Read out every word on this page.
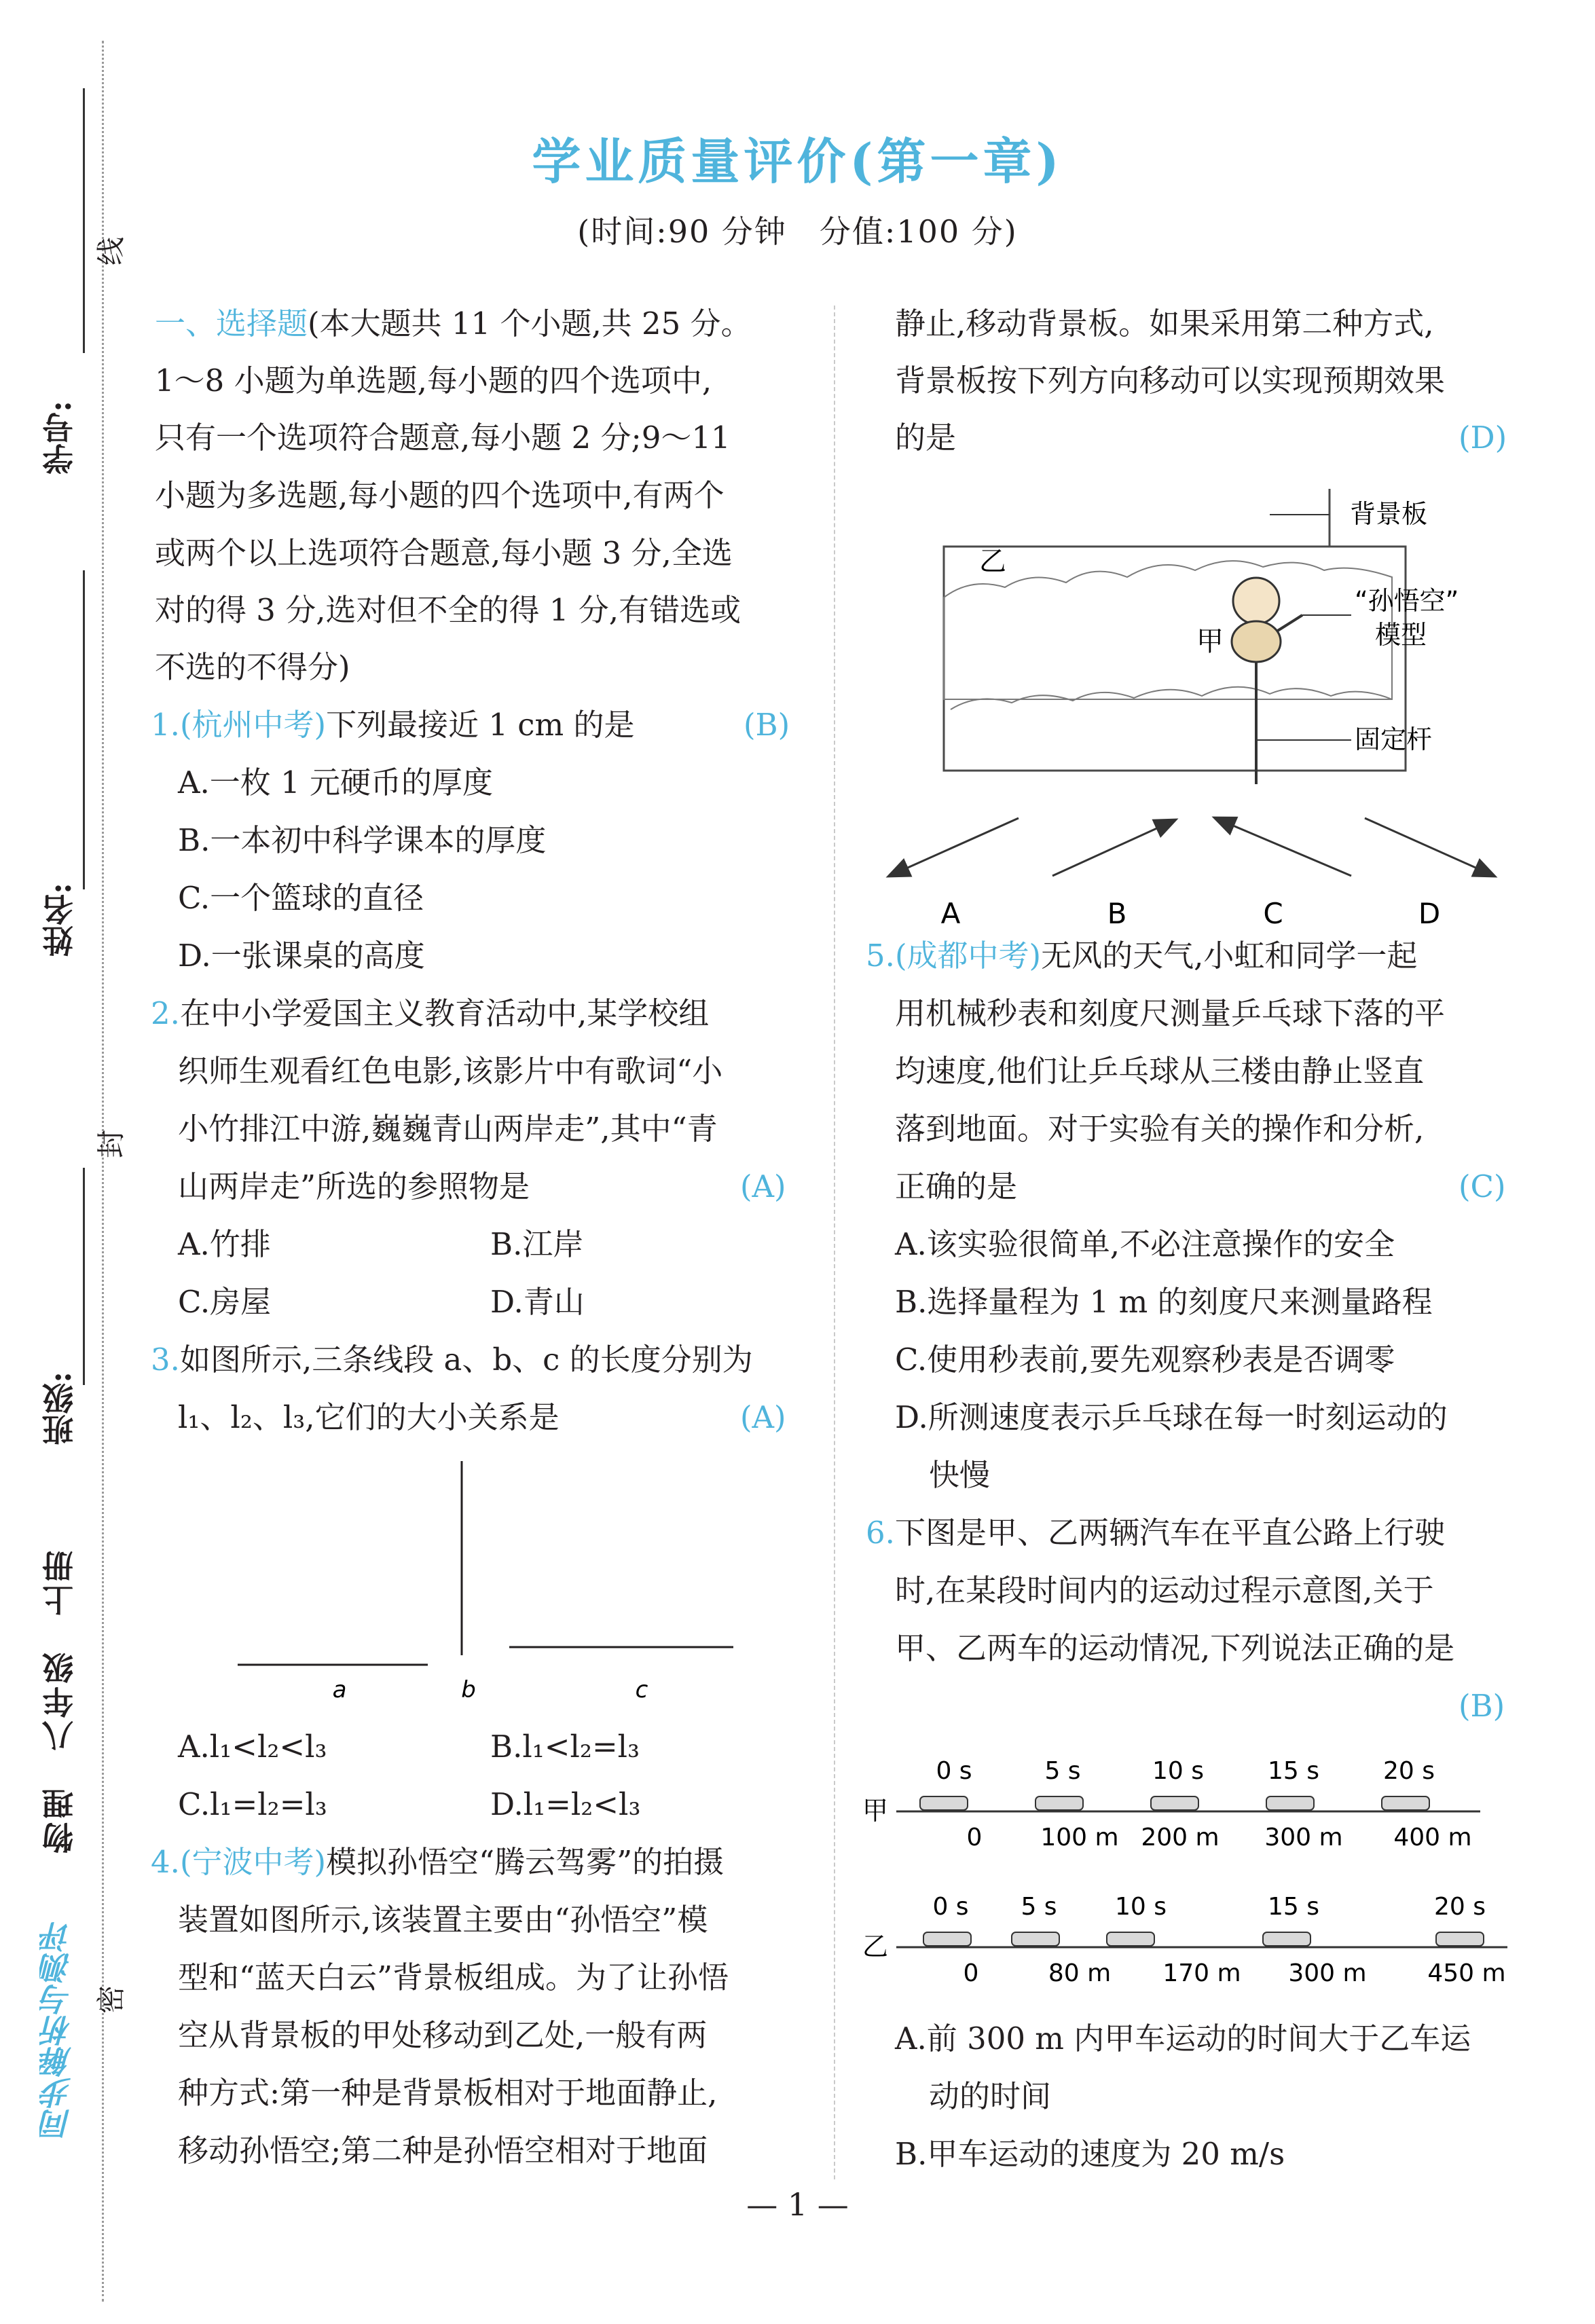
学号:
姓名:
班级:
物理　八年级　上册
同步解析与测评
线
封
密
学业质量评价(第一章)
(时间:90 分钟　分值:100 分)
一、选择题(本大题共 11 个小题,共 25 分。
1～8 小题为单选题,每小题的四个选项中,
只有一个选项符合题意,每小题 2 分;9～11
小题为多选题,每小题的四个选项中,有两个
或两个以上选项符合题意,每小题 3 分,全选
对的得 3 分,选对但不全的得 1 分,有错选或
不选的不得分)
1.(杭州中考)下列最接近 1 cm 的是	(B)
A.一枚 1 元硬币的厚度
B.一本初中科学课本的厚度
C.一个篮球的直径
D.一张课桌的高度
2.在中小学爱国主义教育活动中,某学校组
织师生观看红色电影,该影片中有歌词“小
小竹排江中游,巍巍青山两岸走”,其中“青
山两岸走”所选的参照物是	(A)
A.竹排	B.江岸
C.房屋	D.青山
3.如图所示,三条线段 a、b、c 的长度分别为
l₁、l₂、l₃,它们的大小关系是	(A)
a	b	c
A.l₁<l₂<l₃	B.l₁<l₂=l₃
C.l₁=l₂=l₃	D.l₁=l₂<l₃
4.(宁波中考)模拟孙悟空“腾云驾雾”的拍摄
装置如图所示,该装置主要由“孙悟空”模
型和“蓝天白云”背景板组成。为了让孙悟
空从背景板的甲处移动到乙处,一般有两
种方式:第一种是背景板相对于地面静止,
移动孙悟空;第二种是孙悟空相对于地面
静止,移动背景板。如果采用第二种方式,
背景板按下列方向移动可以实现预期效果
的是	(D)
背景板
“孙悟空”
模型
固定杆
乙
甲
A	B	C	D
5.(成都中考)无风的天气,小虹和同学一起
用机械秒表和刻度尺测量乒乓球下落的平
均速度,他们让乒乓球从三楼由静止竖直
落到地面。对于实验有关的操作和分析,
正确的是	(C)
A.该实验很简单,不必注意操作的安全
B.选择量程为 1 m 的刻度尺来测量路程
C.使用秒表前,要先观察秒表是否调零
D.所测速度表示乒乓球在每一时刻运动的
快慢
6.下图是甲、乙两辆汽车在平直公路上行驶
时,在某段时间内的运动过程示意图,关于
甲、乙两车的运动情况,下列说法正确的是
(B)
甲
0 s	5 s	10 s	15 s	20 s
0 100 m 200 m 300 m 400 m
乙
0 s 5 s 10 s	15 s	20 s
0	80 m 170 m 300 m 450 m
A.前 300 m 内甲车运动的时间大于乙车运
动的时间
B.甲车运动的速度为 20 m/s
— 1 —
